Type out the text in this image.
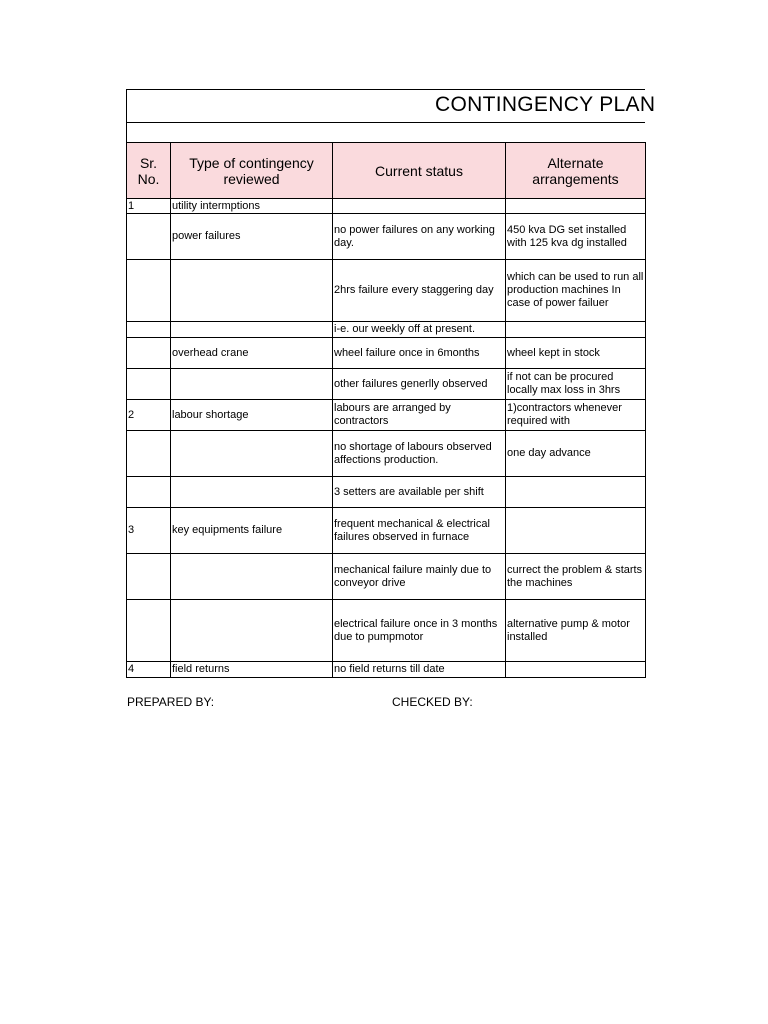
CONTINGENCY PLAN
Sr. No.	Type of contingency reviewed	Current status	Alternate arrangements
1	utility intermptions		
	power failures	no power failures on any working day.	450 kva DG set installed with 125 kva dg installed
		2hrs failure every staggering day	which can be used to run all production machines In case of power failuer
		i-e. our weekly off at present.	
	overhead crane	wheel failure once in 6months	wheel kept in stock
		other failures generlly observed	if not can be procured locally max loss in 3hrs
2	labour shortage	labours are arranged by contractors	1)contractors whenever required with
		no shortage of labours observed affections production.	one day advance
		3 setters are available per shift	
3	key equipments failure	frequent mechanical & electrical failures observed in furnace	
		mechanical failure mainly due to conveyor drive	currect the problem & starts the machines
		electrical failure once in 3 months due to pumpmotor	alternative pump & motor installed
4	field returns	no field returns till date	
PREPARED BY:	CHECKED BY:
